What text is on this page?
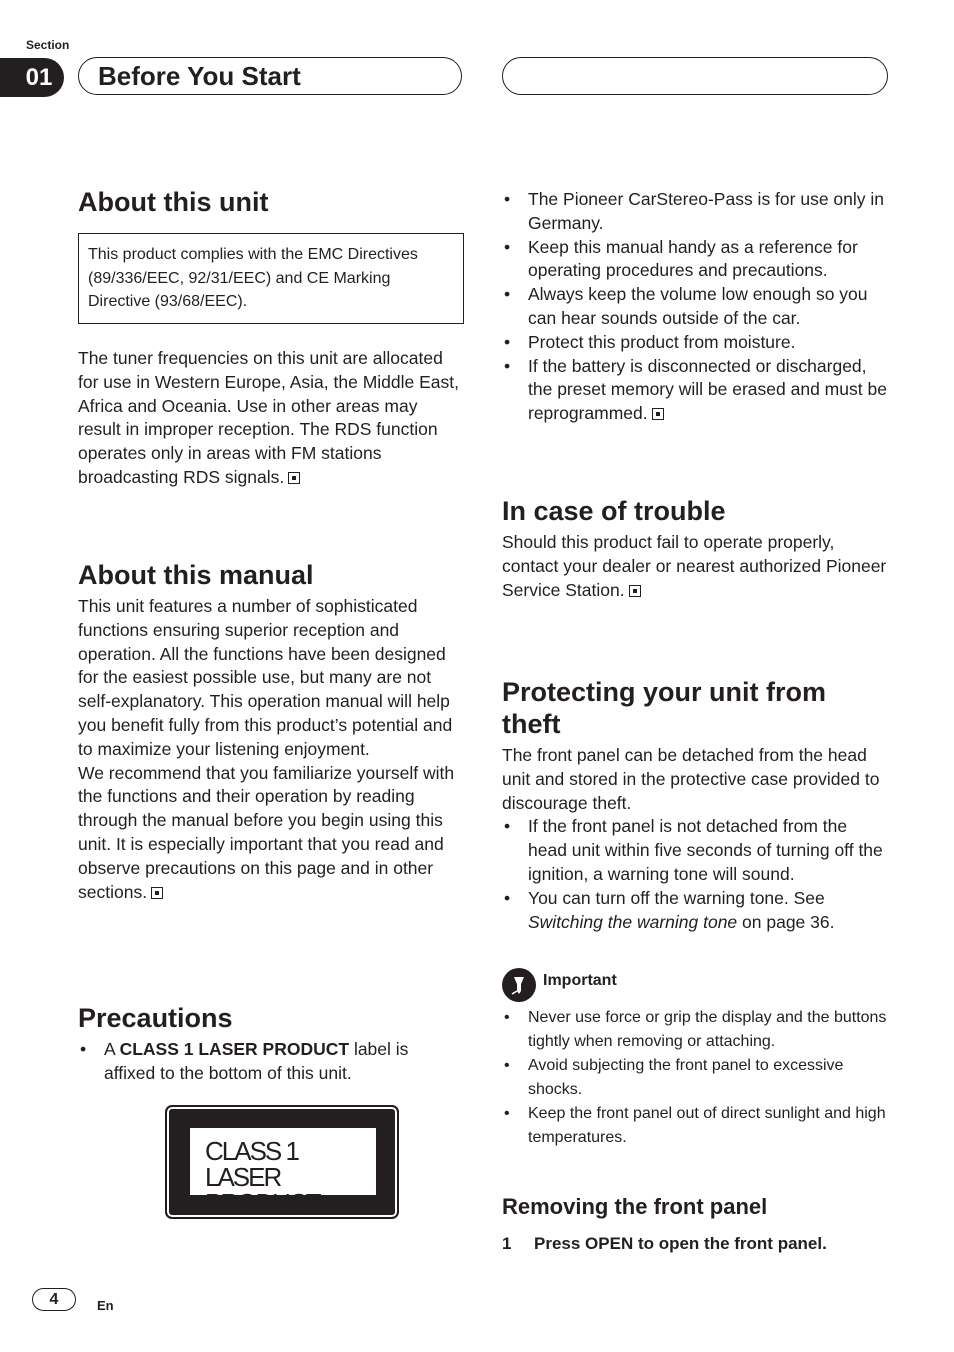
Section
01	Before You Start
About this unit
This product complies with the EMC Directives (89/336/EEC, 92/31/EEC) and CE Marking Directive (93/68/EEC).

The tuner frequencies on this unit are allocated for use in Western Europe, Asia, the Middle East, Africa and Oceania. Use in other areas may result in improper reception. The RDS function operates only in areas with FM stations broadcasting RDS signals.

About this manual

This unit features a number of sophisticated functions ensuring superior reception and operation. All the functions have been designed for the easiest possible use, but many are not self-explanatory. This operation manual will help you benefit fully from this product’s potential and to maximize your listening enjoyment.

We recommend that you familiarize yourself with the functions and their operation by reading through the manual before you begin using this unit. It is especially important that you read and observe precautions on this page and in other sections.

Precautions
• A CLASS 1 LASER PRODUCT label is affixed to the bottom of this unit.
CLASS 1
LASER PRODUCT
• The Pioneer CarStereo-Pass is for use only in Germany.
• Keep this manual handy as a reference for operating procedures and precautions.
• Always keep the volume low enough so you can hear sounds outside of the car.
• Protect this product from moisture.
• If the battery is disconnected or discharged, the preset memory will be erased and must be reprogrammed.
In case of trouble

Should this product fail to operate properly, contact your dealer or nearest authorized Pioneer Service Station.

Protecting your unit from theft

The front panel can be detached from the head unit and stored in the protective case provided to discourage theft.

• If the front panel is not detached from the head unit within five seconds of turning off the ignition, a warning tone will sound.
• You can turn off the warning tone. See Switching the warning tone on page 36.
Important
• Never use force or grip the display and the buttons tightly when removing or attaching.
• Avoid subjecting the front panel to excessive shocks.
• Keep the front panel out of direct sunlight and high temperatures.
Removing the front panel
1 Press OPEN to open the front panel.
4	En
